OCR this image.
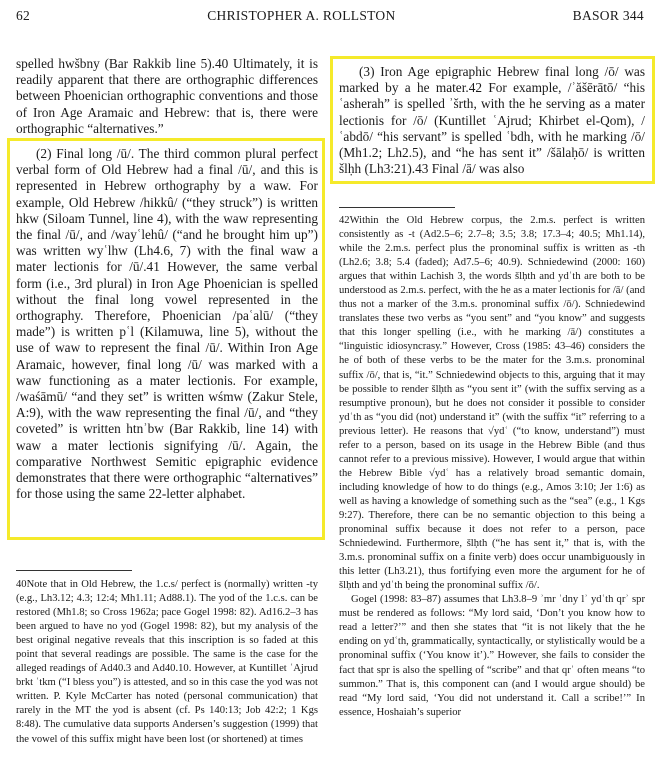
62	CHRISTOPHER A. ROLLSTON	BASOR 344

spelled hwšbny (Bar Rakkib line 5).40 Ultimately, it is readily apparent that there are orthographic differences between Phoenician orthographic conventions and those of Iron Age Aramaic and Hebrew: that is, there were orthographic “alternatives.”

(2) Final long /ū/. The third common plural perfect verbal form of Old Hebrew had a final /ū/, and this is represented in Hebrew orthography by a waw. For example, Old Hebrew /hikkû/ (“they struck”) is written hkw (Siloam Tunnel, line 4), with the waw representing the final /ū/, and /wayʿlehû/ (“and he brought him up”) was written wyʿlhw (Lh4.6, 7) with the final waw a mater lectionis for /ū/.41 However, the same verbal form (i.e., 3rd plural) in Iron Age Phoenician is spelled without the final long vowel represented in the orthography. Therefore, Phoenician /paʿalū/ (“they made”) is written pʿl (Kilamuwa, line 5), without the use of waw to represent the final /ū/. Within Iron Age Aramaic, however, final long /ū/ was marked with a waw functioning as a mater lectionis. For example, /waśāmū/ “and they set” is written wśmw (Zakur Stele, A:9), with the waw representing the final /ū/, and “they coveted” is written htnʾbw (Bar Rakkib, line 14) with waw a mater lectionis signifying /ū/. Again, the comparative Northwest Semitic epigraphic evidence demonstrates that there were orthographic “alternatives” for those using the same 22-letter alphabet.

(3) Iron Age epigraphic Hebrew final long /ō/ was marked by a he mater.42 For example, /ʾăšērātō/ “his ʿasherah” is spelled ʾšrth, with the he serving as a mater lectionis for /ō/ (Kuntillet ʿAjrud; Khirbet el-Qom), /ʿabdō/ “his servant” is spelled ʿbdh, with he marking /ō/ (Mh1.2; Lh2.5), and “he has sent it” /šālaḥō/ is written šlḥh (Lh3:21).43 Final /ā/ was also

40Note that in Old Hebrew, the 1.c.s/ perfect is (normally) written -ty (e.g., Lh3.12; 4.3; 12:4; Mh1.11; Ad88.1). The yod of the 1.c.s. can be restored (Mh1.8; so Cross 1962a; pace Gogel 1998: 82). Ad16.2–3 has been argued to have no yod (Gogel 1998: 82), but my analysis of the best original negative reveals that this inscription is so faded at this point that several readings are possible. The same is the case for the alleged readings of Ad40.3 and Ad40.10. However, at Kuntillet ʿAjrud brkt ʿtkm (“I bless you”) is attested, and so in this case the yod was not written. P. Kyle McCarter has noted (personal communication) that rarely in the MT the yod is absent (cf. Ps 140:13; Job 42:2; 1 Kgs 8:48). The cumulative data supports Andersen’s suggestion (1999) that the vowel of this suffix might have been lost (or shortened) at times

42Within the Old Hebrew corpus, the 2.m.s. perfect is written consistently as -t (Ad2.5–6; 2.7–8; 3.5; 3.8; 17.3–4; 40.5; Mh1.14), while the 2.m.s. perfect plus the pronominal suffix is written as -th (Lh2.6; 3.8; 5.4 (faded); Ad7.5–6; 40.9). Schniedewind (2000: 160) argues that within Lachish 3, the words šlḥth and ydʿth are both to be understood as 2.m.s. perfect, with the he as a mater lectionis for /ā/ (and thus not a marker of the 3.m.s. pronominal suffix /ō/). Schniedewind translates these two verbs as “you sent” and “you know” and suggests that this longer spelling (i.e., with he marking /ā/) constitutes a “linguistic idiosyncrasy.” However, Cross (1985: 43–46) considers the he of both of these verbs to be the mater for the 3.m.s. pronominal suffix /ō/, that is, “it.” Schniedewind objects to this, arguing that it may be possible to render šlḥth as “you sent it” (with the suffix serving as a resumptive pronoun), but he does not consider it possible to consider ydʿth as “you did (not) understand it” (with the suffix “it” referring to a previous letter). He reasons that √ydʿ (“to know, understand”) must refer to a person, based on its usage in the Hebrew Bible (and thus cannot refer to a previous missive). However, I would argue that within the Hebrew Bible √ydʿ has a relatively broad semantic domain, including knowledge of how to do things (e.g., Amos 3:10; Jer 1:6) as well as having a knowledge of something such as the “sea” (e.g., 1 Kgs 9:27). Therefore, there can be no semantic objection to this being a pronominal suffix because it does not refer to a person, pace Schniedewind. Furthermore, šlḥth (“he has sent it,” that is, with the 3.m.s. pronominal suffix on a finite verb) does occur unambiguously in this letter (Lh3.21), thus fortifying even more the argument for he of šlḥth and ydʿth being the pronominal suffix /ō/.

Gogel (1998: 83–87) assumes that Lh3.8–9 ʾmr ʾdny lʾ ydʿth qrʾ spr must be rendered as follows: “My lord said, ‘Don’t you know how to read a letter?’” and then she states that “it is not likely that the he ending on ydʿth, grammatically, syntactically, or stylistically would be a pronominal suffix (‘You know it’).” However, she fails to consider the fact that spr is also the spelling of “scribe” and that qrʾ often means “to summon.” That is, this component can (and I would argue should) be read “My lord said, ‘You did not understand it. Call a scribe!’” In essence, Hoshaiah’s superior
